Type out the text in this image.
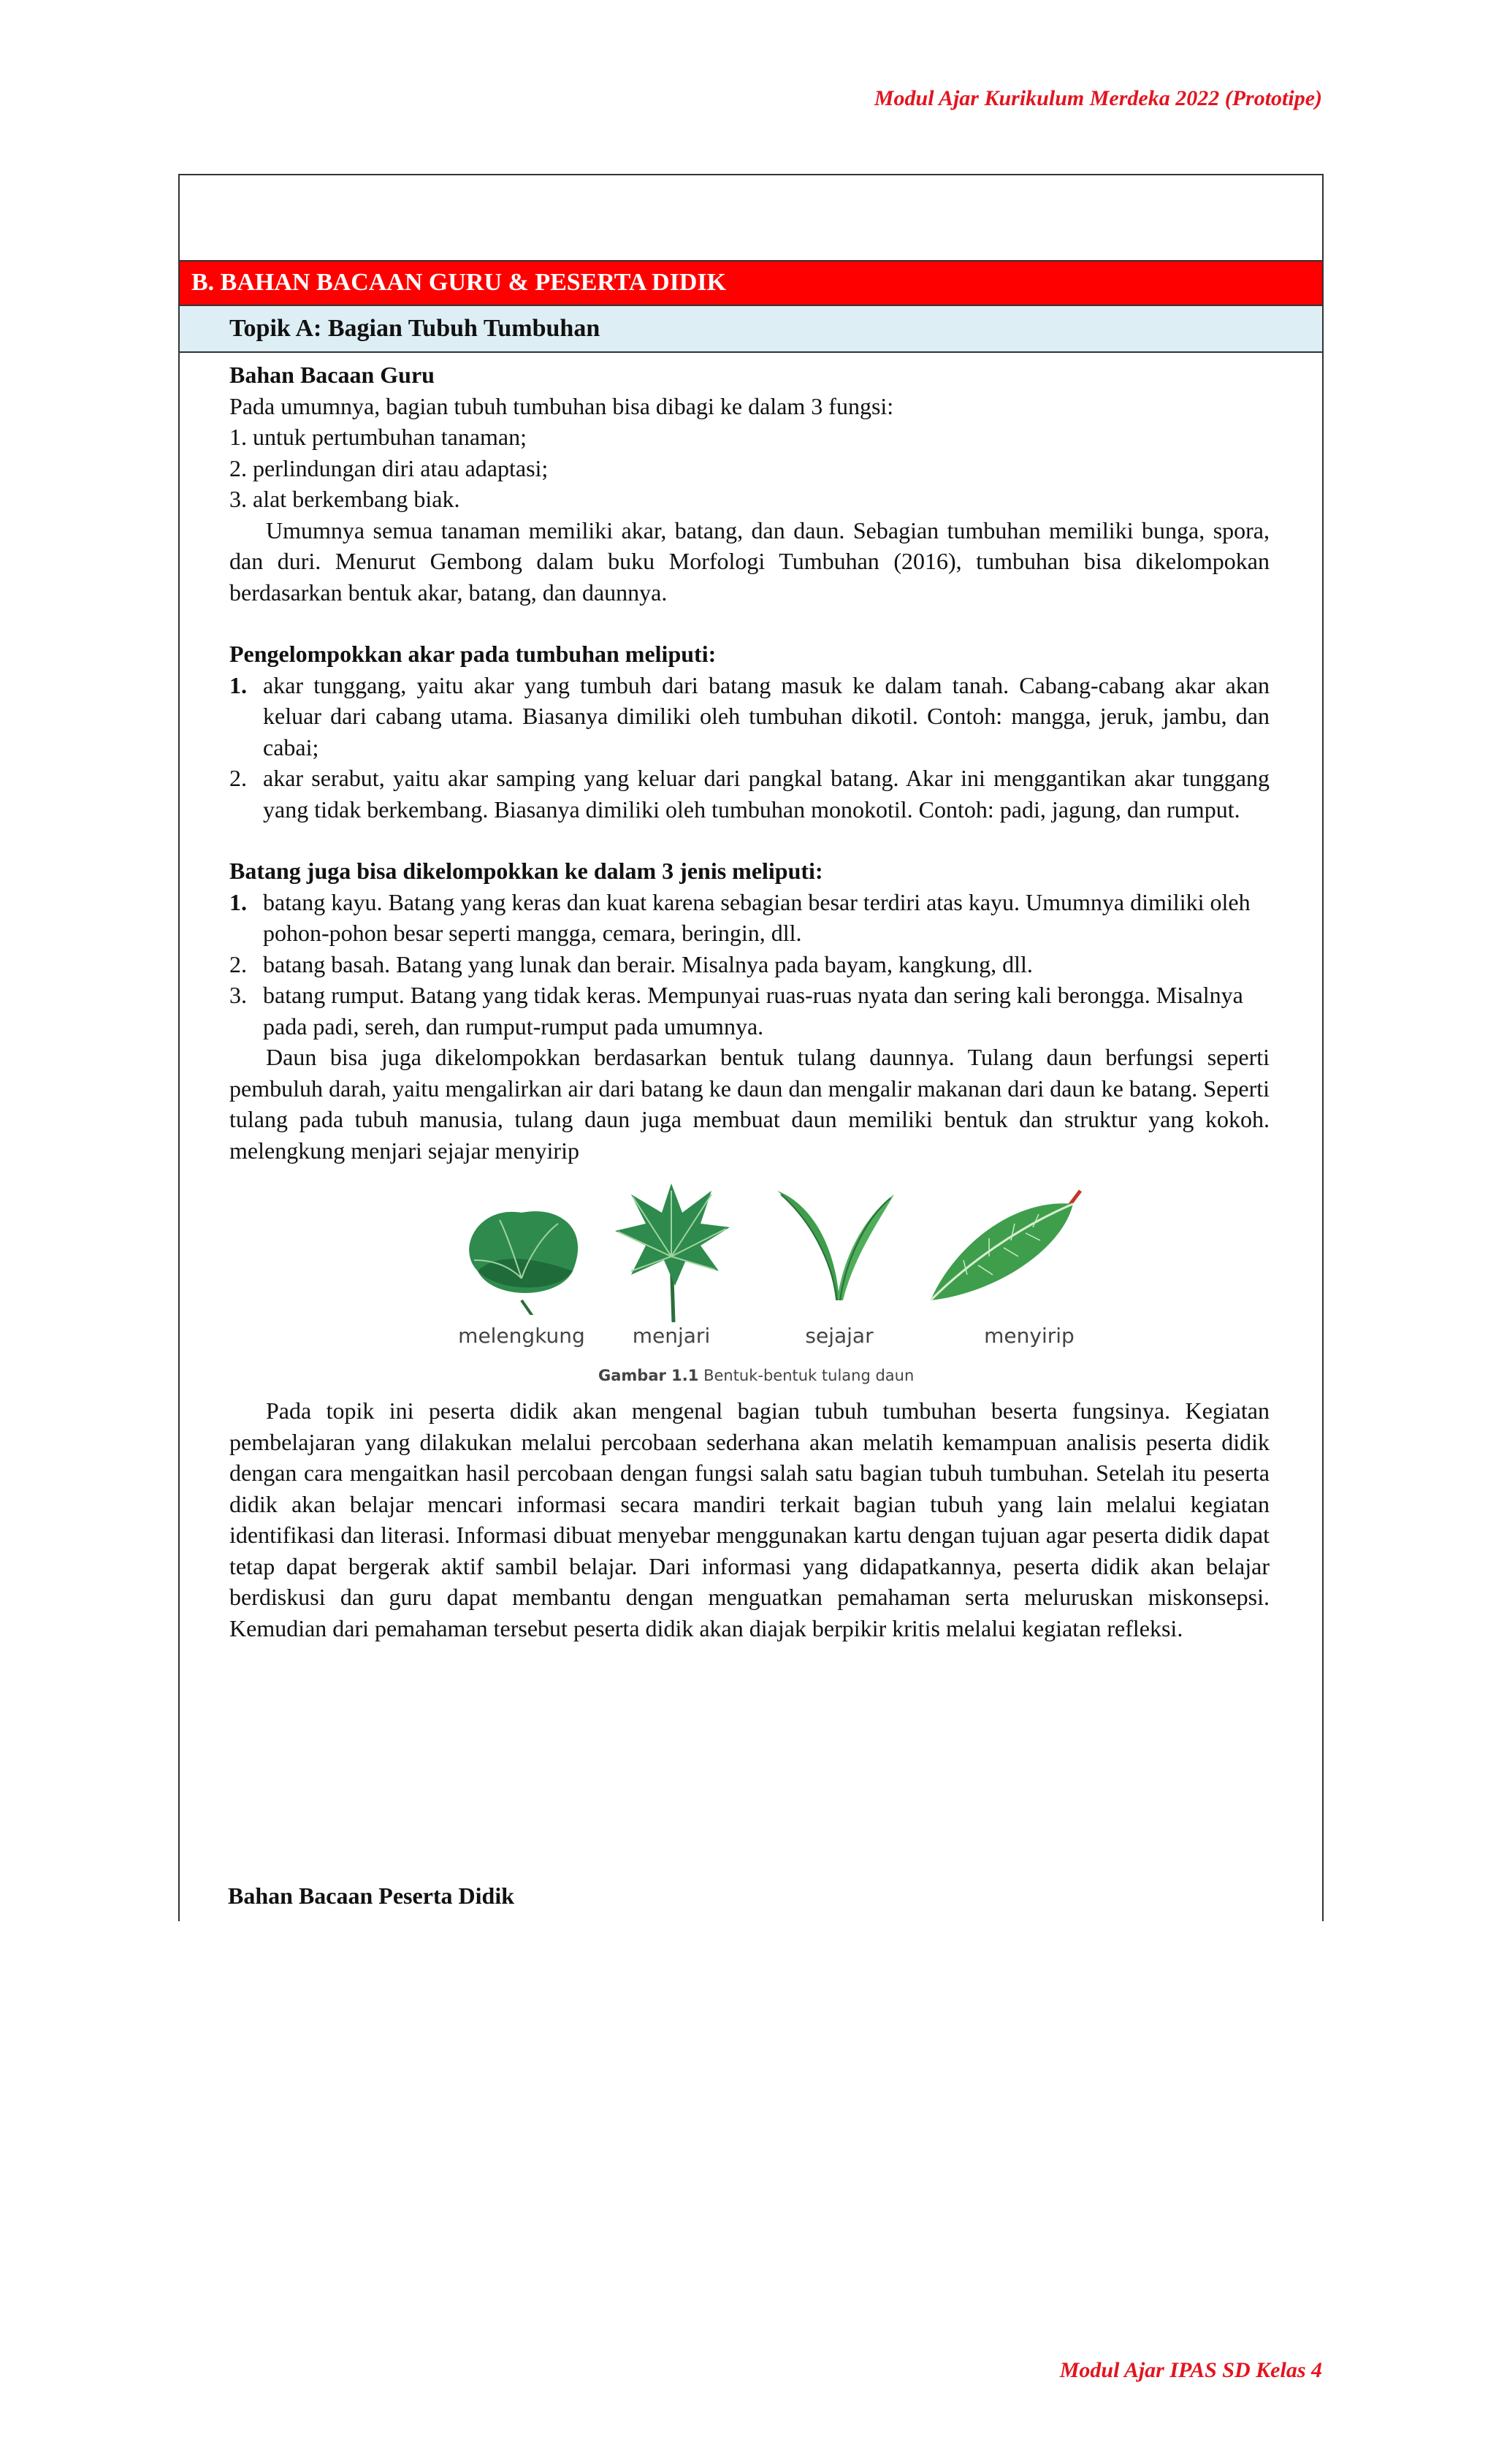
Modul Ajar Kurikulum Merdeka 2022 (Prototipe)
B. BAHAN BACAAN GURU & PESERTA DIDIK
Topik A: Bagian Tubuh Tumbuhan

Bahan Bacaan Guru

Pada umumnya, bagian tubuh tumbuhan bisa dibagi ke dalam 3 fungsi:

1. untuk pertumbuhan tanaman;

2. perlindungan diri atau adaptasi;

3. alat berkembang biak.

Umumnya semua tanaman memiliki akar, batang, dan daun. Sebagian tumbuhan memiliki bunga, spora, dan duri. Menurut Gembong dalam buku Morfologi Tumbuhan (2016), tumbuhan bisa dikelompokan berdasarkan bentuk akar, batang, dan daunnya.

Pengelompokkan akar pada tumbuhan meliputi:

1. akar tunggang, yaitu akar yang tumbuh dari batang masuk ke dalam tanah. Cabang-cabang akar akan keluar dari cabang utama. Biasanya dimiliki oleh tumbuhan dikotil. Contoh: mangga, jeruk, jambu, dan cabai;
2. akar serabut, yaitu akar samping yang keluar dari pangkal batang. Akar ini menggantikan akar tunggang yang tidak berkembang. Biasanya dimiliki oleh tumbuhan monokotil. Contoh: padi, jagung, dan rumput.

Batang juga bisa dikelompokkan ke dalam 3 jenis meliputi:

1. batang kayu. Batang yang keras dan kuat karena sebagian besar terdiri atas kayu. Umumnya dimiliki oleh pohon-pohon besar seperti mangga, cemara, beringin, dll.
2. batang basah. Batang yang lunak dan berair. Misalnya pada bayam, kangkung, dll.
3. batang rumput. Batang yang tidak keras. Mempunyai ruas-ruas nyata dan sering kali berongga. Misalnya pada padi, sereh, dan rumput-rumput pada umumnya.

Daun bisa juga dikelompokkan berdasarkan bentuk tulang daunnya. Tulang daun berfungsi seperti pembuluh darah, yaitu mengalirkan air dari batang ke daun dan mengalir makanan dari daun ke batang. Seperti tulang pada tubuh manusia, tulang daun juga membuat daun memiliki bentuk dan struktur yang kokoh. melengkung menjari sejajar menyirip

melengkung	menjari	sejajar	menyirip
Gambar 1.1 Bentuk-bentuk tulang daun

Pada topik ini peserta didik akan mengenal bagian tubuh tumbuhan beserta fungsinya. Kegiatan pembelajaran yang dilakukan melalui percobaan sederhana akan melatih kemampuan analisis peserta didik dengan cara mengaitkan hasil percobaan dengan fungsi salah satu bagian tubuh tumbuhan. Setelah itu peserta didik akan belajar mencari informasi secara mandiri terkait bagian tubuh yang lain melalui kegiatan identifikasi dan literasi. Informasi dibuat menyebar menggunakan kartu dengan tujuan agar peserta didik dapat tetap dapat bergerak aktif sambil belajar. Dari informasi yang didapatkannya, peserta didik akan belajar berdiskusi dan guru dapat membantu dengan menguatkan pemahaman serta meluruskan miskonsepsi. Kemudian dari pemahaman tersebut peserta didik akan diajak berpikir kritis melalui kegiatan refleksi.

Bahan Bacaan Peserta Didik
Modul Ajar IPAS SD Kelas 4
